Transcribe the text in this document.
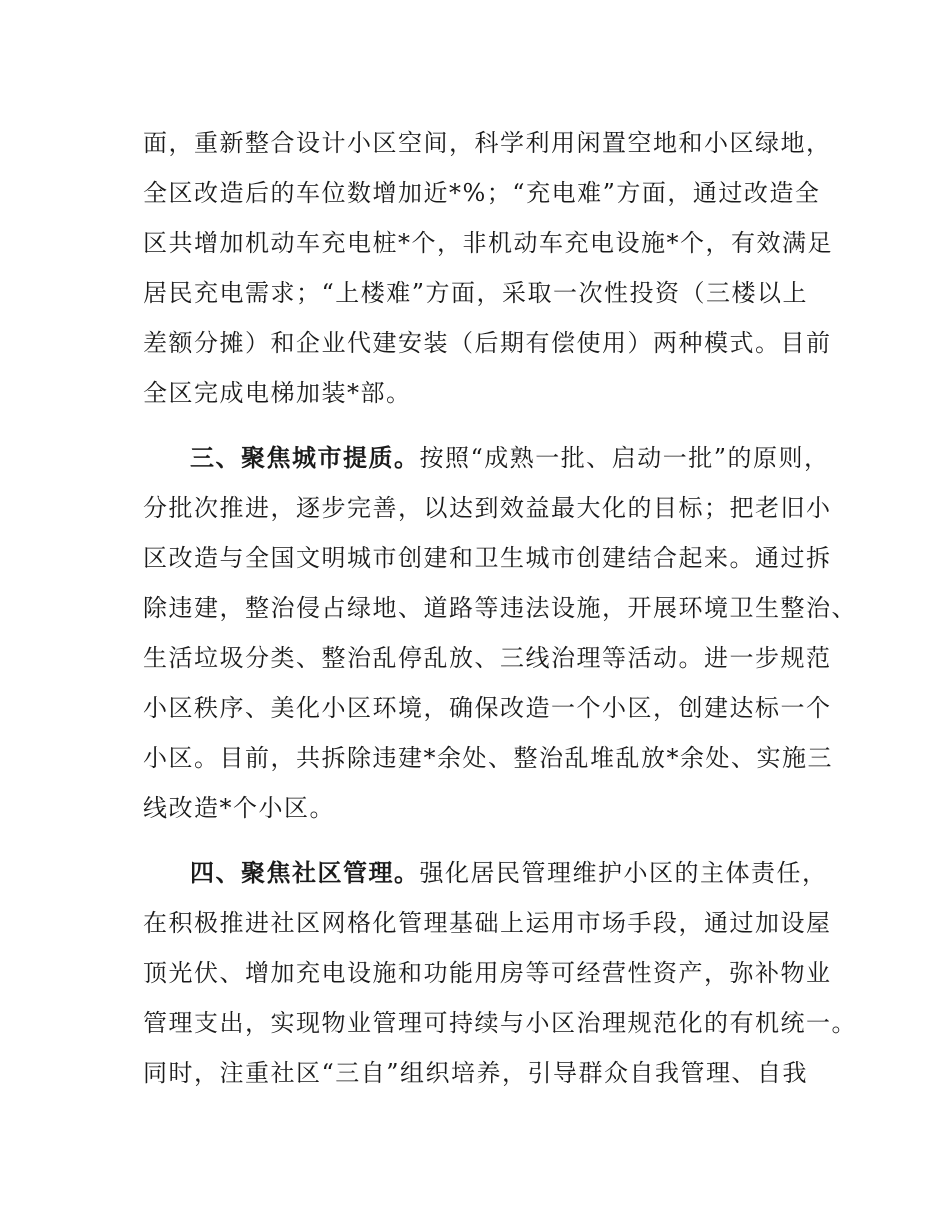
面，重新整合设计小区空间，科学利用闲置空地和小区绿地，
全区改造后的车位数增加近*%；“充电难”方面，通过改造全
区共增加机动车充电桩*个，非机动车充电设施*个，有效满足
居民充电需求；“上楼难”方面，采取一次性投资（三楼以上
差额分摊）和企业代建安装（后期有偿使用）两种模式。目前
全区完成电梯加装*部。
三、聚焦城市提质。按照“成熟一批、启动一批”的原则，
分批次推进，逐步完善，以达到效益最大化的目标；把老旧小
区改造与全国文明城市创建和卫生城市创建结合起来。通过拆
除违建，整治侵占绿地、道路等违法设施，开展环境卫生整治、
生活垃圾分类、整治乱停乱放、三线治理等活动。进一步规范
小区秩序、美化小区环境，确保改造一个小区，创建达标一个
小区。目前，共拆除违建*余处、整治乱堆乱放*余处、实施三
线改造*个小区。
四、聚焦社区管理。强化居民管理维护小区的主体责任，
在积极推进社区网格化管理基础上运用市场手段，通过加设屋
顶光伏、增加充电设施和功能用房等可经营性资产，弥补物业
管理支出，实现物业管理可持续与小区治理规范化的有机统一。
同时，注重社区“三自”组织培养，引导群众自我管理、自我
